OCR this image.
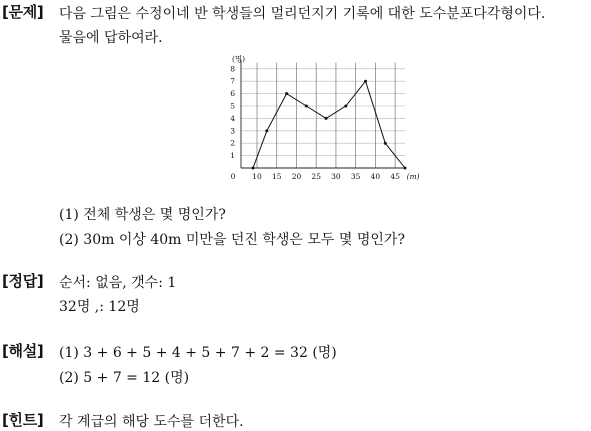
[문제] 다음 그림은 수정이네 반 학생들의 멀리던지기 기록에 대한 도수분포다각형이다.
물음에 답하여라.
1
2
3
4
5
6
7
8
(명)
0 10 15 20 25 30 35 40 45 (m)
(1) 전체 학생은 몇 명인가?
(2) 30m 이상 40m 미만을 던진 학생은 모두 몇 명인가?
[정답] 순서: 없음, 갯수: 1
32명 ,: 12명
[해설] (1) 3 + 6 + 5 + 4 + 5 + 7 + 2 = 32 (명)
(2) 5 + 7 = 12 (명)
[힌트] 각 계급의 해당 도수를 더한다.
